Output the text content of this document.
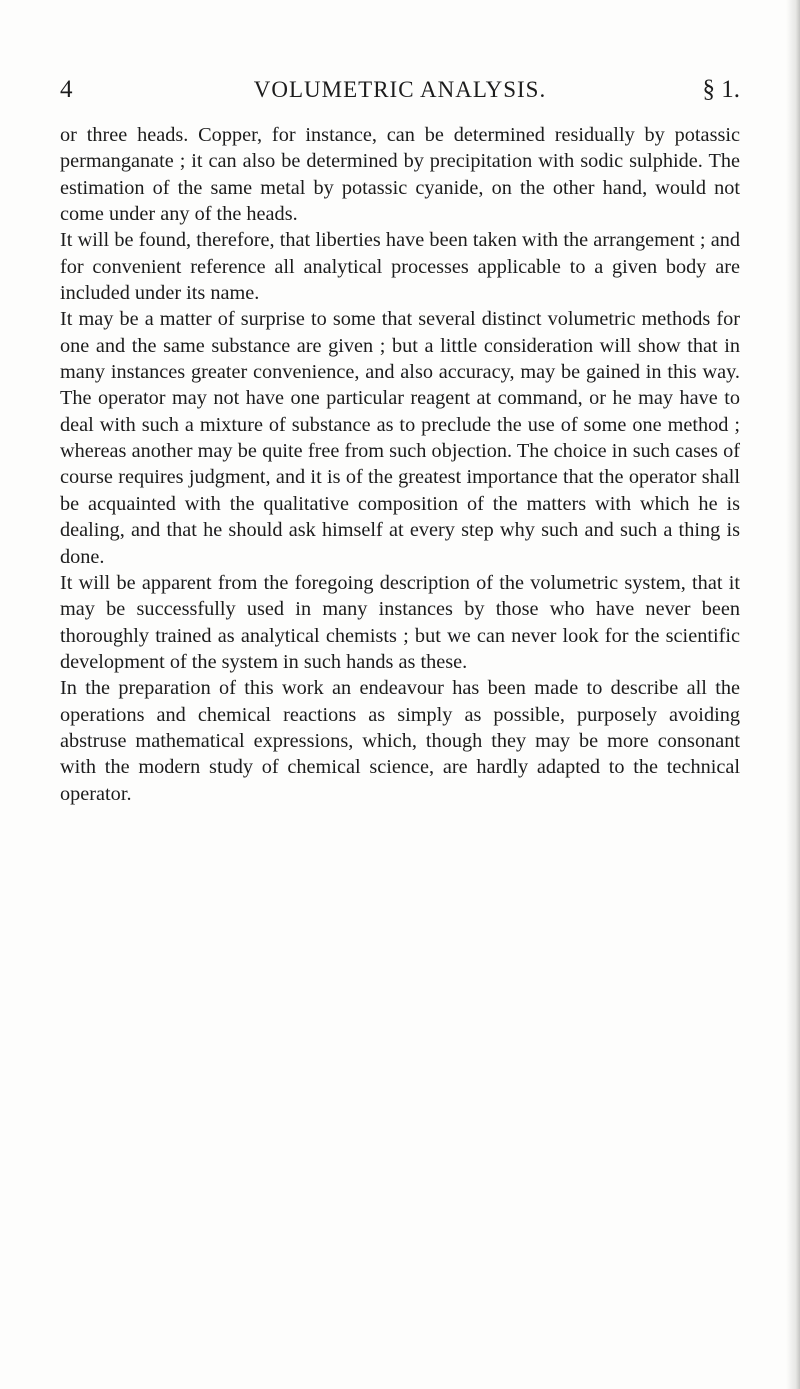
4	VOLUMETRIC ANALYSIS.	§ 1.

or three heads. Copper, for instance, can be determined residually by potassic permanganate ; it can also be determined by precipitation with sodic sulphide. The estimation of the same metal by potassic cyanide, on the other hand, would not come under any of the heads.

It will be found, therefore, that liberties have been taken with the arrangement ; and for convenient reference all analytical processes applicable to a given body are included under its name.

It may be a matter of surprise to some that several distinct volumetric methods for one and the same substance are given ; but a little consideration will show that in many instances greater convenience, and also accuracy, may be gained in this way. The operator may not have one particular reagent at command, or he may have to deal with such a mixture of substance as to preclude the use of some one method ; whereas another may be quite free from such objection. The choice in such cases of course requires judgment, and it is of the greatest importance that the operator shall be acquainted with the qualitative composition of the matters with which he is dealing, and that he should ask himself at every step why such and such a thing is done.

It will be apparent from the foregoing description of the volumetric system, that it may be successfully used in many instances by those who have never been thoroughly trained as analytical chemists ; but we can never look for the scientific development of the system in such hands as these.

In the preparation of this work an endeavour has been made to describe all the operations and chemical reactions as simply as possible, purposely avoiding abstruse mathematical expressions, which, though they may be more consonant with the modern study of chemical science, are hardly adapted to the technical operator.
